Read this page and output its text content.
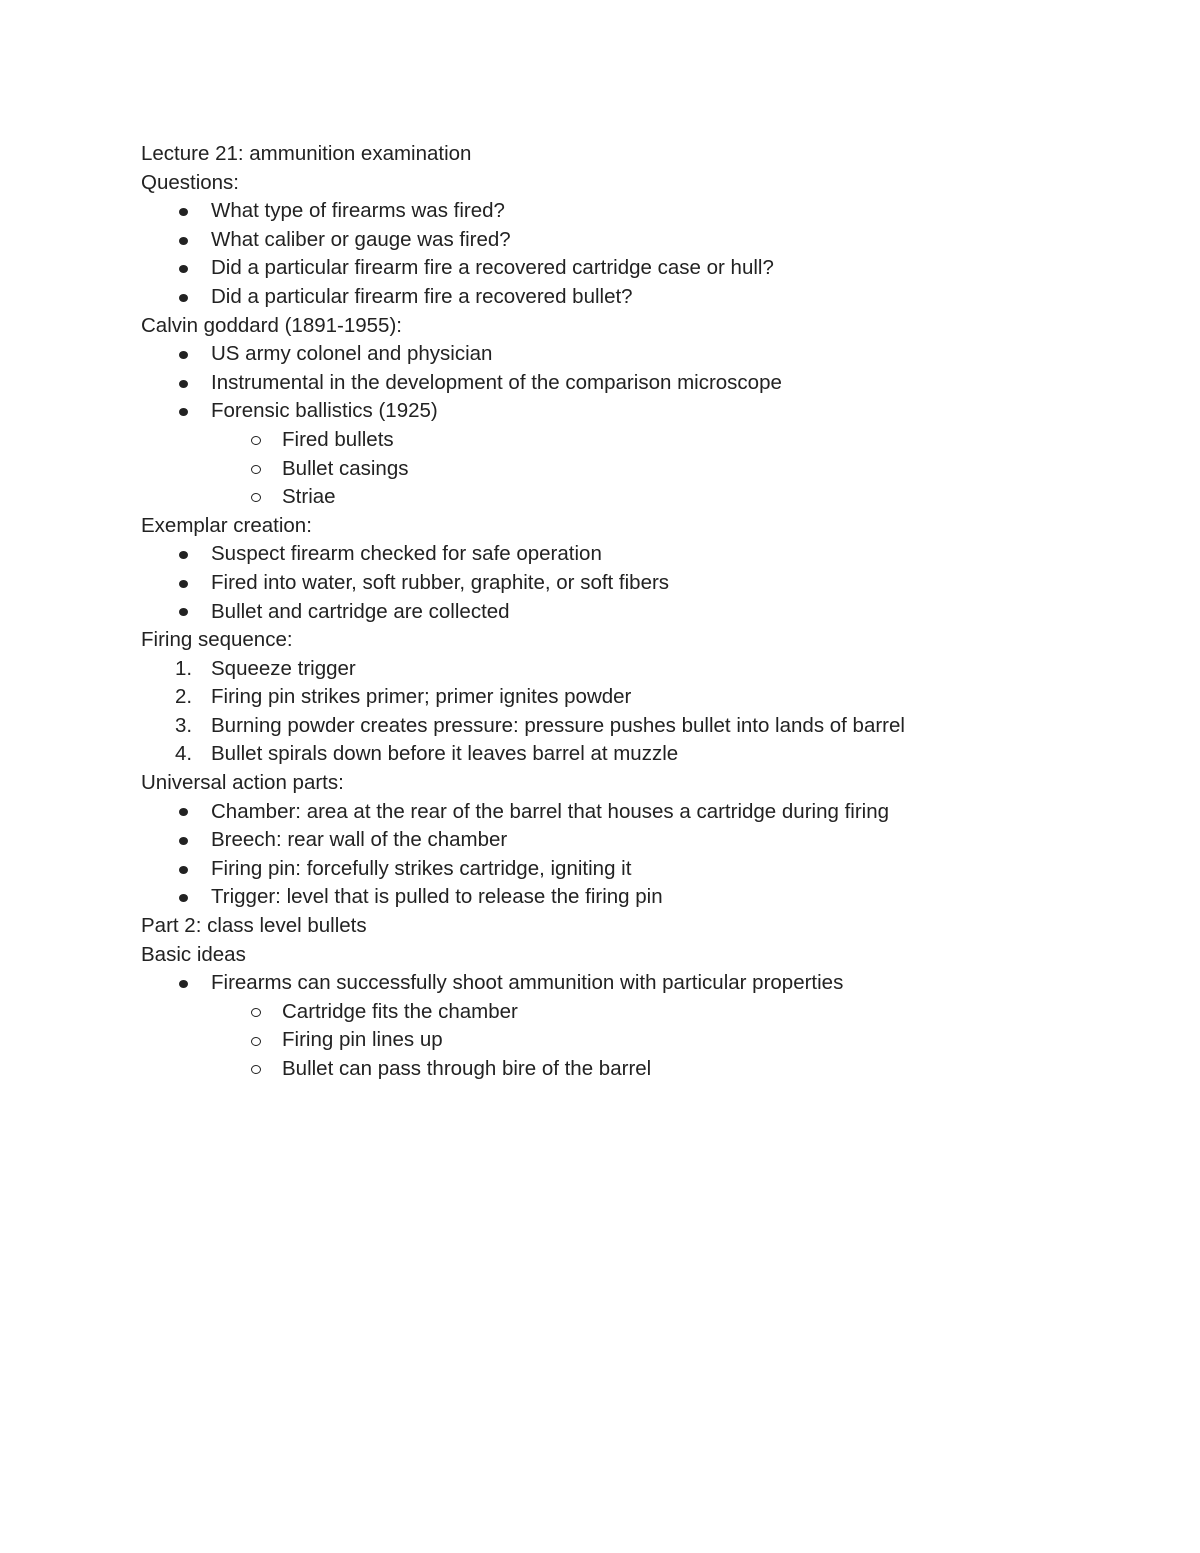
Lecture 21: ammunition examination
Questions:
What type of firearms was fired?
What caliber or gauge was fired?
Did a particular firearm fire a recovered cartridge case or hull?
Did a particular firearm fire a recovered bullet?
Calvin goddard (1891-1955):
US army colonel and physician
Instrumental in the development of the comparison microscope
Forensic ballistics (1925)
Fired bullets
Bullet casings
Striae
Exemplar creation:
Suspect firearm checked for safe operation
Fired into water, soft rubber, graphite, or soft fibers
Bullet and cartridge are collected
Firing sequence:
1. Squeeze trigger
2. Firing pin strikes primer; primer ignites powder
3. Burning powder creates pressure: pressure pushes bullet into lands of barrel
4. Bullet spirals down before it leaves barrel at muzzle
Universal action parts:
Chamber: area at the rear of the barrel that houses a cartridge during firing
Breech: rear wall of the chamber
Firing pin: forcefully strikes cartridge, igniting it
Trigger: level that is pulled to release the firing pin
Part 2: class level bullets
Basic ideas
Firearms can successfully shoot ammunition with particular properties
Cartridge fits the chamber
Firing pin lines up
Bullet can pass through bire of the barrel
